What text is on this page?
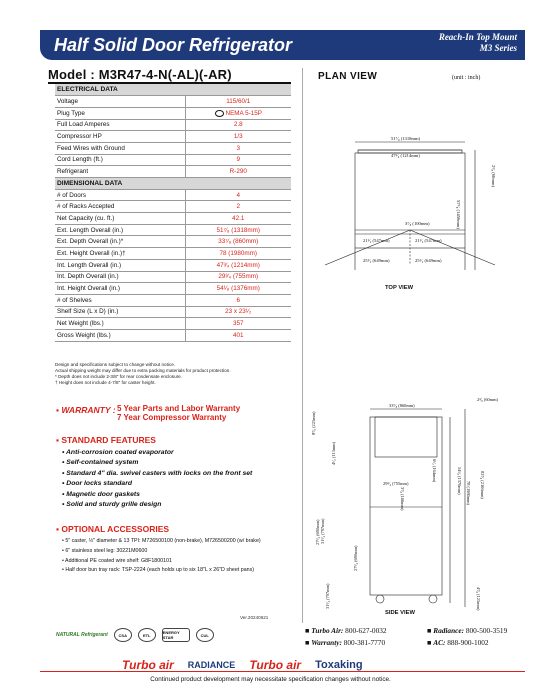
Half Solid Door Refrigerator	Reach-In Top Mount
M3 Series
Model : M3R47-4-N(-AL)(-AR)
ELECTRICAL DATA	
Voltage	115/60/1
Plug Type	NEMA 5-15P
Full Load Amperes	2.8
Compressor HP	1/3
Feed Wires with Ground	3
Cord Length (ft.)	9
Refrigerant	R-290
DIMENSIONAL DATA	
# of Doors	4
# of Racks Accepted	2
Net Capacity (cu. ft.)	42.1
Ext. Length Overall (in.)	51⁷⁄₈ (1318mm)
Ext. Depth Overall (in.)*	33⁷⁄₈ (860mm)
Ext. Height Overall (in.)†	78 (1980mm)
Int. Length Overall (in.)	47³⁄₄ (1214mm)
Int. Depth Overall (in.)	29³⁄₄ (755mm)
Int. Height Overall (in.)	54¹⁄₈ (1376mm)
# of Shelves	6
Shelf Size (L x D) (in.)	23 x 23¹⁄₂
Net Weight (lbs.)	357
Gross Weight (lbs.)	401
Design and specifications subject to change without notice.
Actual shipping weight may differ due to extra packing materials for product protection.
* Depth does not include 2-3/8" for rear condensate enclosure.
† Height does not include 4-7/8" for caster height.
▪ WARRANTY : 5 Year Parts and Labor Warranty
7 Year Compressor Warranty
▪ STANDARD FEATURES
• Anti-corrosion coated evaporator
• Self-contained system
• Standard 4" dia. swivel casters with locks on the front set
• Door locks standard
• Magnetic door gaskets
• Solid and sturdy grille design
▪ OPTIONAL ACCESSORIES
• 5" caster, ½" diameter & 13 TPI: M726500100 (non-brake), M726500200 (w/ brake)
• 6" stainless steel leg: 30221M0600
• Additional PE coated wire shelf: G8F1800101
• Half door bun tray rack: TSP-2224 (each holds up to six 18"L x 26"D sheet pans)
Ver.20240621
NATURAL Refrigerant	CSA	ETL	ENERGY STAR	CUL
PLAN VIEW	(unit : inch)
51⁷⁄₈ (1318mm)
47³⁄₄ (1214mm)
2³⁄₈ (60mm)
57³⁄₈ (1456mm)
3⁷⁄₈ (100mm)
21¹⁄₂ (547mm)	21¹⁄₂ (547mm)
25¹⁄₂ (649mm)	25¹⁄₂ (649mm)
TOP VIEW
33⁷⁄₈ (860mm)
2³⁄₈ (60mm)
8⁷⁄₈ (225mm)
4¹⁄₂ (113mm)
6¹⁄₂ (164mm)
29³⁄₄ (755mm)
3⁷⁄₈ (100mm)
27¹⁄₄ (690mm)
27¹⁄₄ (690mm)
31¹⁄₄ (797mm)
31¹⁄₄ (797mm)
54¹⁄₈ (1376mm) 78 (1980mm) 82⁷⁄₈ (2106mm)
4⁷⁄₈ (125mm)
SIDE VIEW
■ Turbo Air: 800-627-0032	■ Radiance: 800-500-3519
■ Warranty: 800-381-7770	■ AC: 888-900-1002
Turbo air RADIANCE Turbo air Toxaking
Continued product development may necessitate specification changes without notice.
